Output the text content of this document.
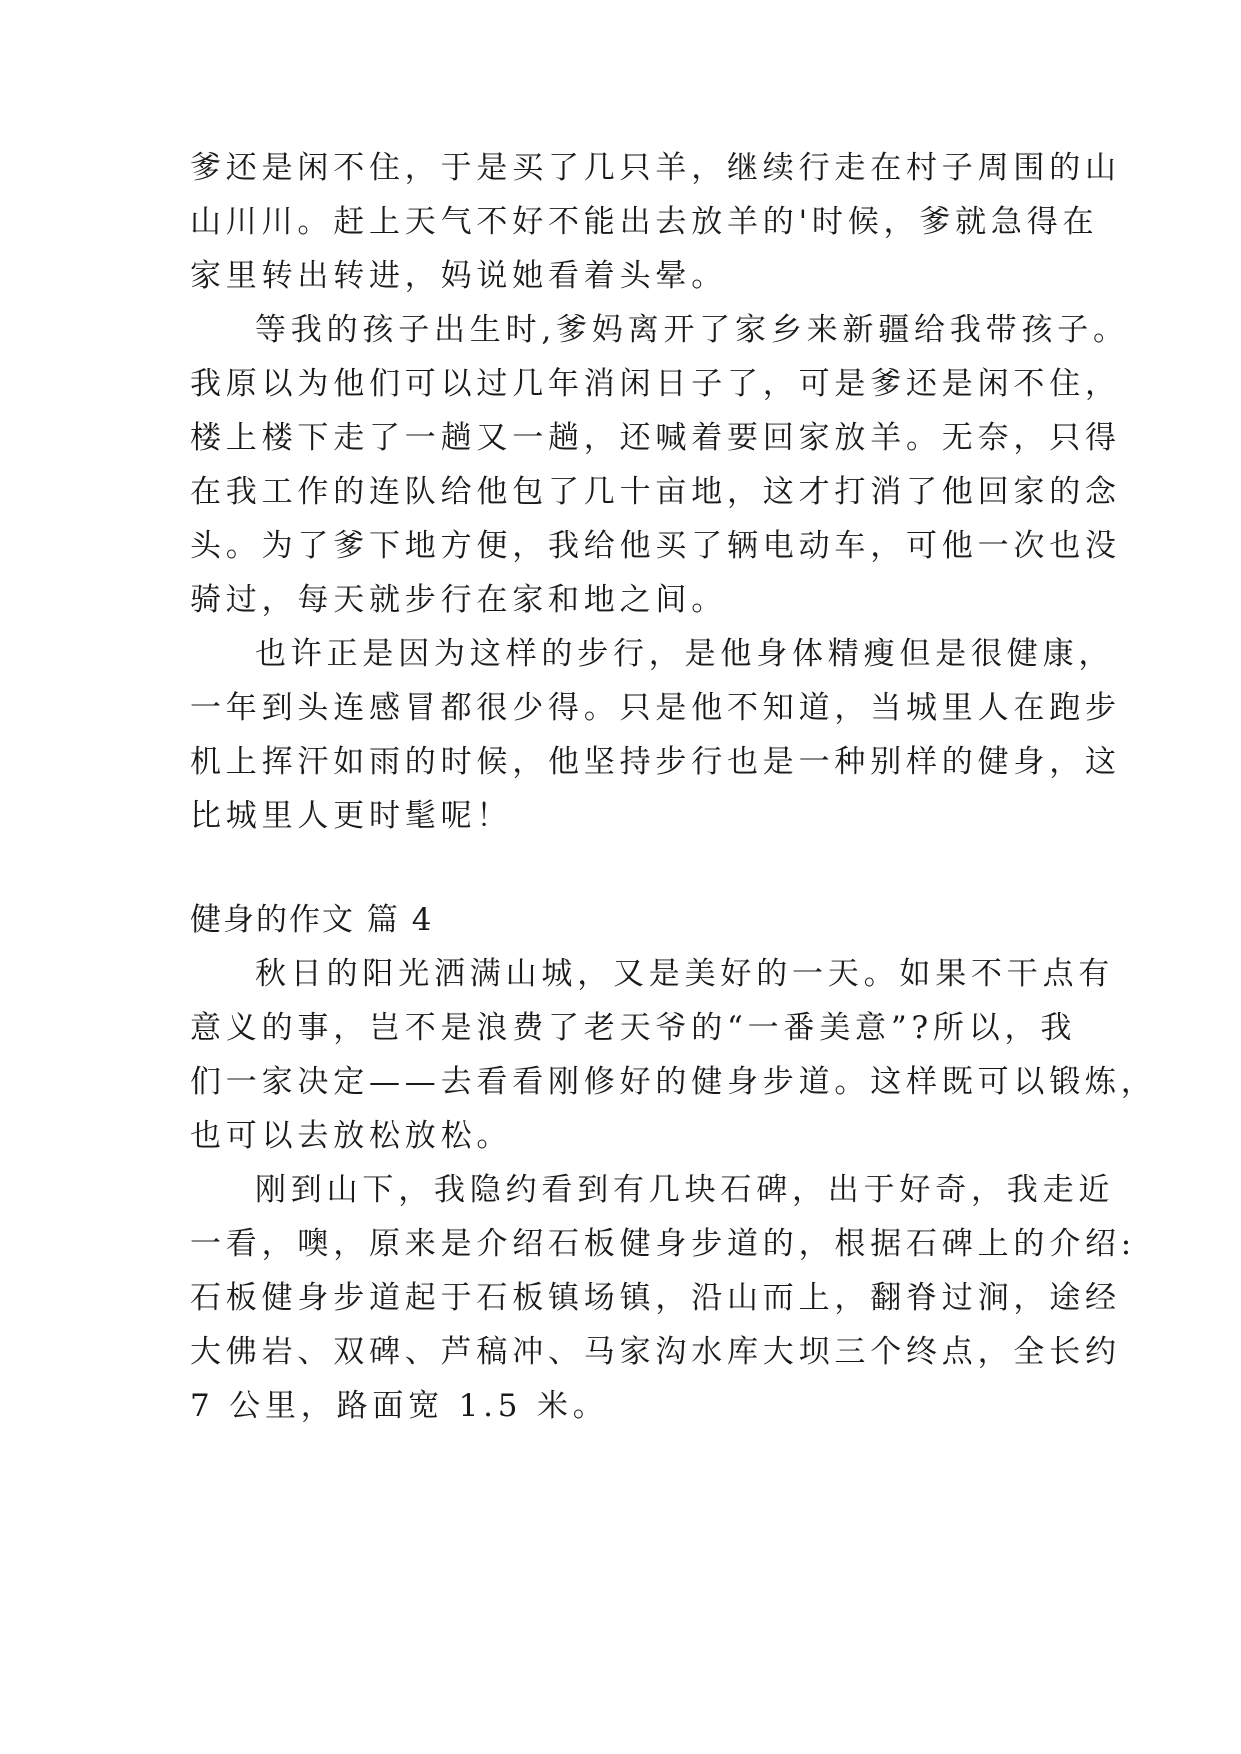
爹还是闲不住，于是买了几只羊，继续行走在村子周围的山
山川川。赶上天气不好不能出去放羊的'时候，爹就急得在
家里转出转进，妈说她看着头晕。
等我的孩子出生时,爹妈离开了家乡来新疆给我带孩子。
我原以为他们可以过几年消闲日子了，可是爹还是闲不住，
楼上楼下走了一趟又一趟，还喊着要回家放羊。无奈，只得
在我工作的连队给他包了几十亩地，这才打消了他回家的念
头。为了爹下地方便，我给他买了辆电动车，可他一次也没
骑过，每天就步行在家和地之间。
也许正是因为这样的步行，是他身体精瘦但是很健康，
一年到头连感冒都很少得。只是他不知道，当城里人在跑步
机上挥汗如雨的时候，他坚持步行也是一种别样的健身，这
比城里人更时髦呢！
健身的作文 篇 4
秋日的阳光洒满山城，又是美好的一天。如果不干点有
意义的事，岂不是浪费了老天爷的“一番美意”?所以，我
们一家决定——去看看刚修好的健身步道。这样既可以锻炼，
也可以去放松放松。
刚到山下，我隐约看到有几块石碑，出于好奇，我走近
一看，噢，原来是介绍石板健身步道的，根据石碑上的介绍:
石板健身步道起于石板镇场镇，沿山而上，翻脊过涧，途经
大佛岩、双碑、芦稿冲、马家沟水库大坝三个终点，全长约
7 公里，路面宽 1.5 米。
